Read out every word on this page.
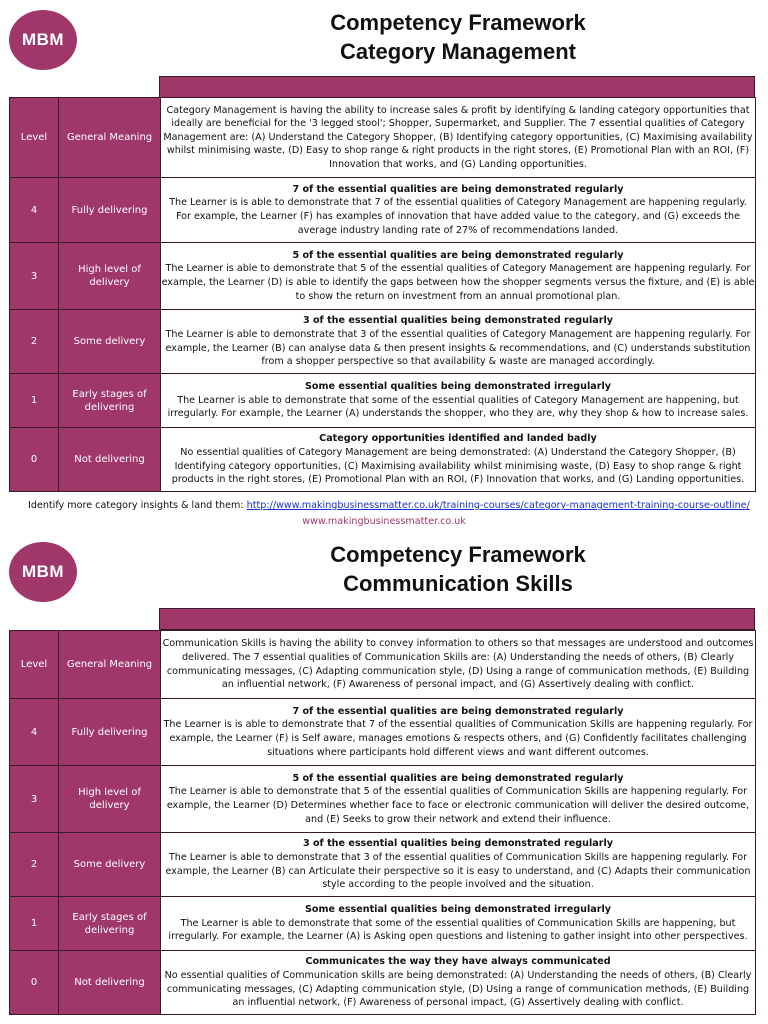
MBM
Competency Framework
Category Management
Level	General Meaning	Category Management is having the ability to increase sales & profit by identifying & landing category opportunities that ideally are beneficial for the '3 legged stool'; Shopper, Supermarket, and Supplier. The 7 essential qualities of Category Management are: (A) Understand the Category Shopper, (B) Identifying category opportunities, (C) Maximising availability whilst minimising waste, (D) Easy to shop range & right products in the right stores, (E) Promotional Plan with an ROI, (F) Innovation that works, and (G) Landing opportunities.
4	Fully delivering	7 of the essential qualities are being demonstrated regularly
The Learner is is able to demonstrate that 7 of the essential qualities of Category Management are happening regularly. For example, the Learner (F) has examples of innovation that have added value to the category, and (G) exceeds the average industry landing rate of 27% of recommendations landed.
3	High level of delivery	5 of the essential qualities are being demonstrated regularly
The Learner is able to demonstrate that 5 of the essential qualities of Category Management are happening regularly. For example, the Learner (D) is able to identify the gaps between how the shopper segments versus the fixture, and (E) is able to show the return on investment from an annual promotional plan.
2	Some delivery	3 of the essential qualities being demonstrated regularly
The Learner is able to demonstrate that 3 of the essential qualities of Category Management are happening regularly. For example, the Learner (B) can analyse data & then present insights & recommendations, and (C) understands substitution from a shopper perspective so that availability & waste are managed accordingly.
1	Early stages of delivering	Some essential qualities being demonstrated irregularly
The Learner is able to demonstrate that some of the essential qualities of Category Management are happening, but irregularly. For example, the Learner (A) understands the shopper, who they are, why they shop & how to increase sales.
0	Not delivering	Category opportunities identified and landed badly
No essential qualities of Category Management are being demonstrated: (A) Understand the Category Shopper, (B) Identifying category opportunities, (C) Maximising availability whilst minimising waste, (D) Easy to shop range & right products in the right stores, (E) Promotional Plan with an ROI, (F) Innovation that works, and (G) Landing opportunities.
Identify more category insights & land them: http://www.makingbusinessmatter.co.uk/training-courses/category-management-training-course-outline/
www.makingbusinessmatter.co.uk
MBM
Competency Framework
Communication Skills
Level	General Meaning	Communication Skills is having the ability to convey information to others so that messages are understood and outcomes delivered. The 7 essential qualities of Communication Skills are: (A) Understanding the needs of others, (B) Clearly communicating messages, (C) Adapting communication style, (D) Using a range of communication methods, (E) Building an influential network, (F) Awareness of personal impact, and (G) Assertively dealing with conflict.
4	Fully delivering	7 of the essential qualities are being demonstrated regularly
The Learner is is able to demonstrate that 7 of the essential qualities of Communication Skills are happening regularly. For example, the Learner (F) is Self aware, manages emotions & respects others, and (G) Confidently facilitates challenging situations where participants hold different views and want different outcomes.
3	High level of delivery	5 of the essential qualities are being demonstrated regularly
The Learner is able to demonstrate that 5 of the essential qualities of Communication Skills are happening regularly. For example, the Learner (D) Determines whether face to face or electronic communication will deliver the desired outcome, and (E) Seeks to grow their network and extend their influence.
2	Some delivery	3 of the essential qualities being demonstrated regularly
The Learner is able to demonstrate that 3 of the essential qualities of Communication Skills are happening regularly. For example, the Learner (B) can Articulate their perspective so it is easy to understand, and (C) Adapts their communication style according to the people involved and the situation.
1	Early stages of delivering	Some essential qualities being demonstrated irregularly
The Learner is able to demonstrate that some of the essential qualities of Communication Skills are happening, but irregularly. For example, the Learner (A) is Asking open questions and listening to gather insight into other perspectives.
0	Not delivering	Communicates the way they have always communicated
No essential qualities of Communication skills are being demonstrated: (A) Understanding the needs of others, (B) Clearly communicating messages, (C) Adapting communication style, (D) Using a range of communication methods, (E) Building an influential network, (F) Awareness of personal impact, (G) Assertively dealing with conflict.
